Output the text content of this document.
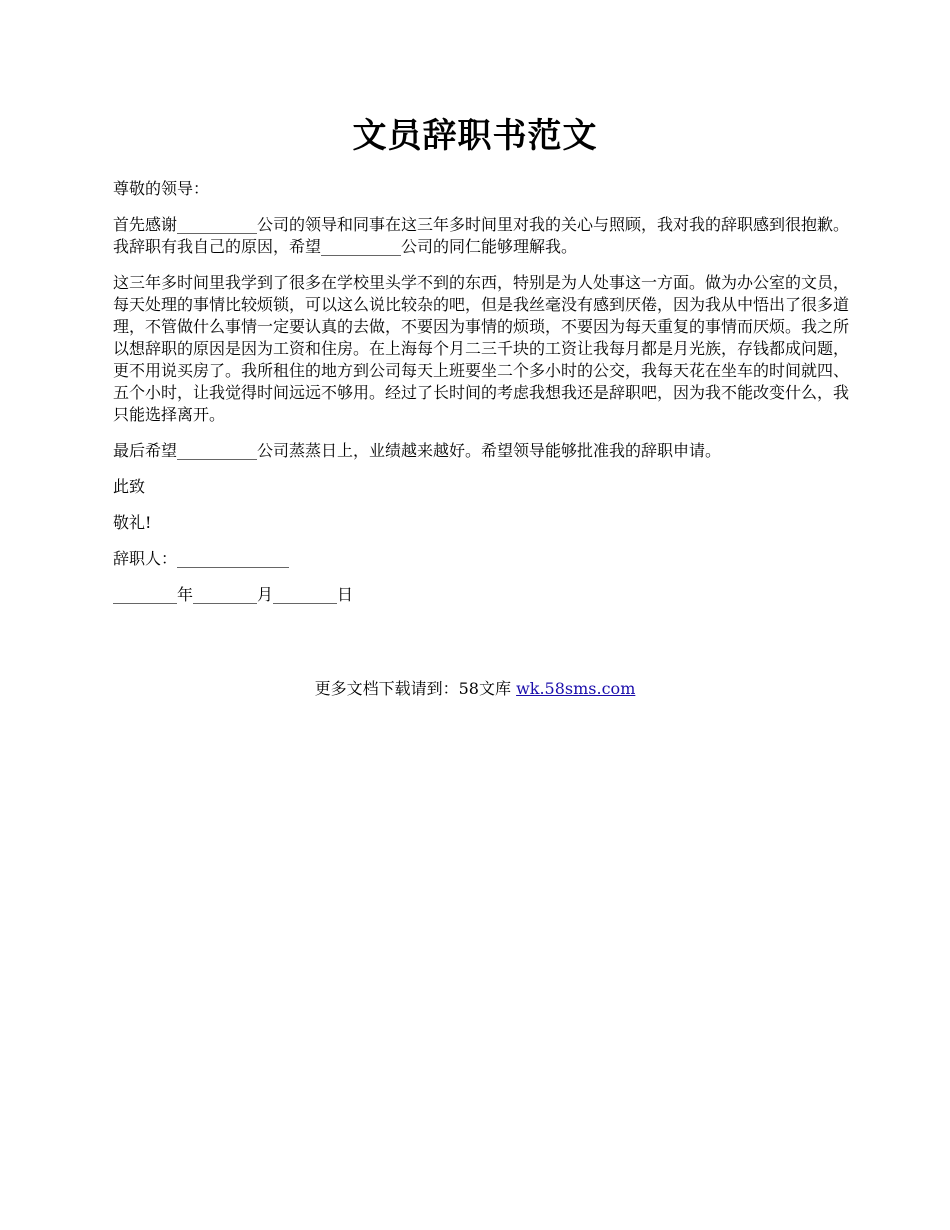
文员辞职书范文

尊敬的领导：

首先感谢__________公司的领导和同事在这三年多时间里对我的关心与照顾，我对我的辞职感到很抱歉。我辞职有我自己的原因，希望__________公司的同仁能够理解我。

这三年多时间里我学到了很多在学校里头学不到的东西，特别是为人处事这一方面。做为办公室的文员，每天处理的事情比较烦锁，可以这么说比较杂的吧，但是我丝毫没有感到厌倦，因为我从中悟出了很多道理，不管做什么事情一定要认真的去做，不要因为事情的烦琐，不要因为每天重复的事情而厌烦。我之所以想辞职的原因是因为工资和住房。在上海每个月二三千块的工资让我每月都是月光族，存钱都成问题，更不用说买房了。我所租住的地方到公司每天上班要坐二个多小时的公交，我每天花在坐车的时间就四、五个小时，让我觉得时间远远不够用。经过了长时间的考虑我想我还是辞职吧，因为我不能改变什么，我只能选择离开。

最后希望__________公司蒸蒸日上，业绩越来越好。希望领导能够批准我的辞职申请。

此致

敬礼!

辞职人：______________

________年________月________日

更多文档下载请到：58文库 wk.58sms.com
